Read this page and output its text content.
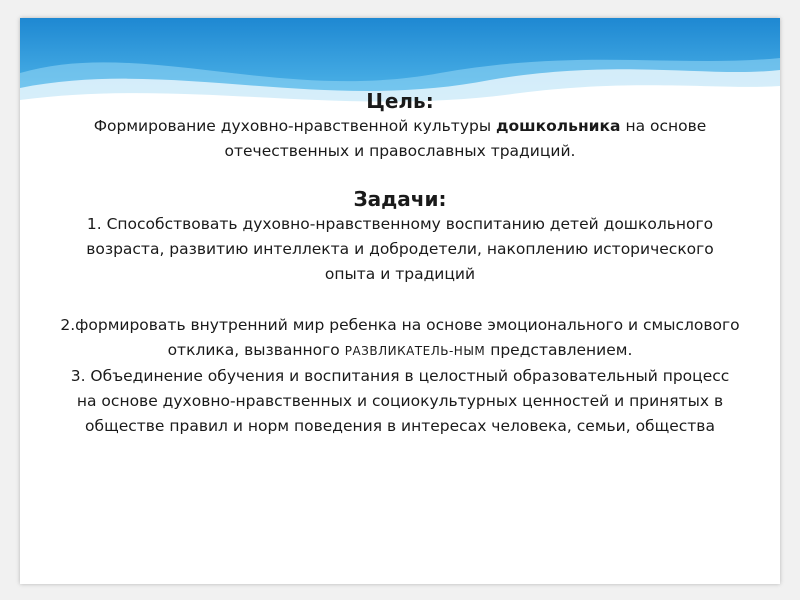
Цель:

Формирование духовно-нравственной культуры дошкольника на основе отечественных и православных традиций.

Задачи:

1. Способствовать духовно-нравственному воспитанию детей дошкольного возраста, развитию интеллекта и добродетели, накоплению исторического опыта и традиций

2.формировать внутренний мир ребенка на основе эмоционального и смыслового отклика, вызванного РАЗВЛИКАТЕЛЬ-НЫМ представлением.

3. Объединение обучения и воспитания в целостный образовательный процесс на основе духовно-нравственных и социокультурных ценностей и принятых в обществе правил и норм поведения в интересах человека, семьи, общества
